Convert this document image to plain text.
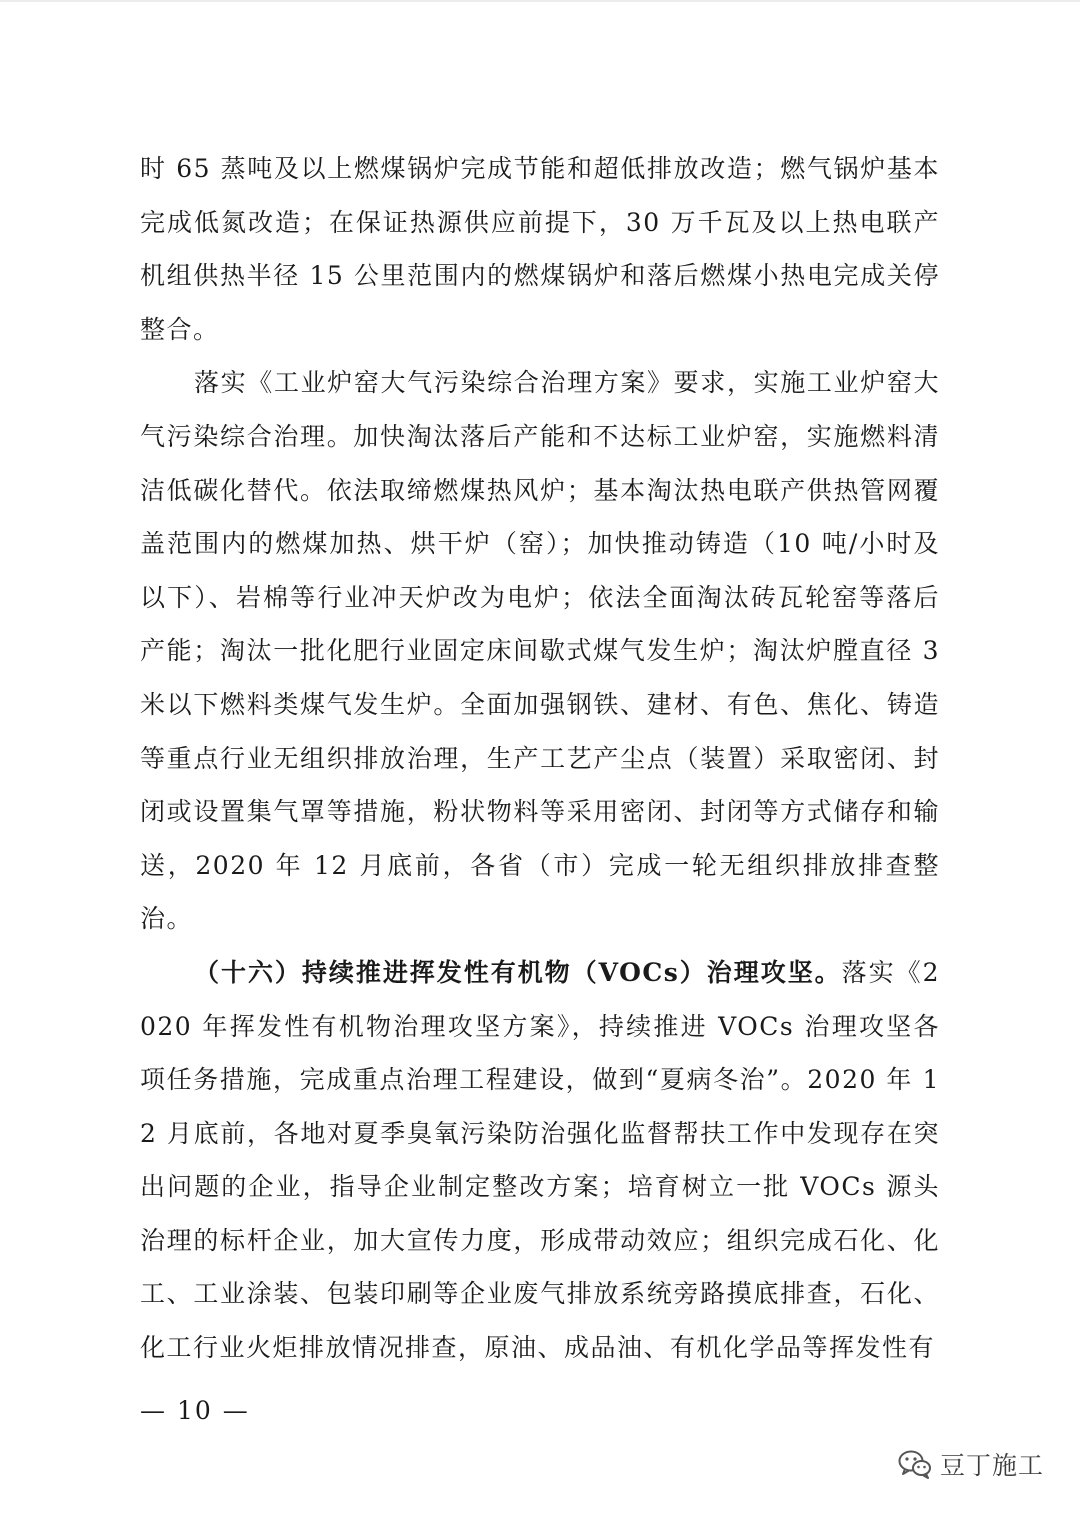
时 65 蒸吨及以上燃煤锅炉完成节能和超低排放改造；燃气锅炉基本完成低氮改造；在保证热源供应前提下，30 万千瓦及以上热电联产机组供热半径 15 公里范围内的燃煤锅炉和落后燃煤小热电完成关停整合。

落实《工业炉窑大气污染综合治理方案》要求，实施工业炉窑大气污染综合治理。加快淘汰落后产能和不达标工业炉窑，实施燃料清洁低碳化替代。依法取缔燃煤热风炉；基本淘汰热电联产供热管网覆盖范围内的燃煤加热、烘干炉（窑）；加快推动铸造（10 吨/小时及以下）、岩棉等行业冲天炉改为电炉；依法全面淘汰砖瓦轮窑等落后产能；淘汰一批化肥行业固定床间歇式煤气发生炉；淘汰炉膛直径 3 米以下燃料类煤气发生炉。全面加强钢铁、建材、有色、焦化、铸造等重点行业无组织排放治理，生产工艺产尘点（装置）采取密闭、封闭或设置集气罩等措施，粉状物料等采用密闭、封闭等方式储存和输送，2020 年 12 月底前，各省（市）完成一轮无组织排放排查整治。

（十六）持续推进挥发性有机物（VOCs）治理攻坚。落实《2020 年挥发性有机物治理攻坚方案》，持续推进 VOCs 治理攻坚各项任务措施，完成重点治理工程建设，做到“夏病冬治”。2020 年 12 月底前，各地对夏季臭氧污染防治强化监督帮扶工作中发现存在突出问题的企业，指导企业制定整改方案；培育树立一批 VOCs 源头治理的标杆企业，加大宣传力度，形成带动效应；组织完成石化、化工、工业涂装、包装印刷等企业废气排放系统旁路摸底排查，石化、化工行业火炬排放情况排查，原油、成品油、有机化学品等挥发性有

— 10 —
豆丁施工
